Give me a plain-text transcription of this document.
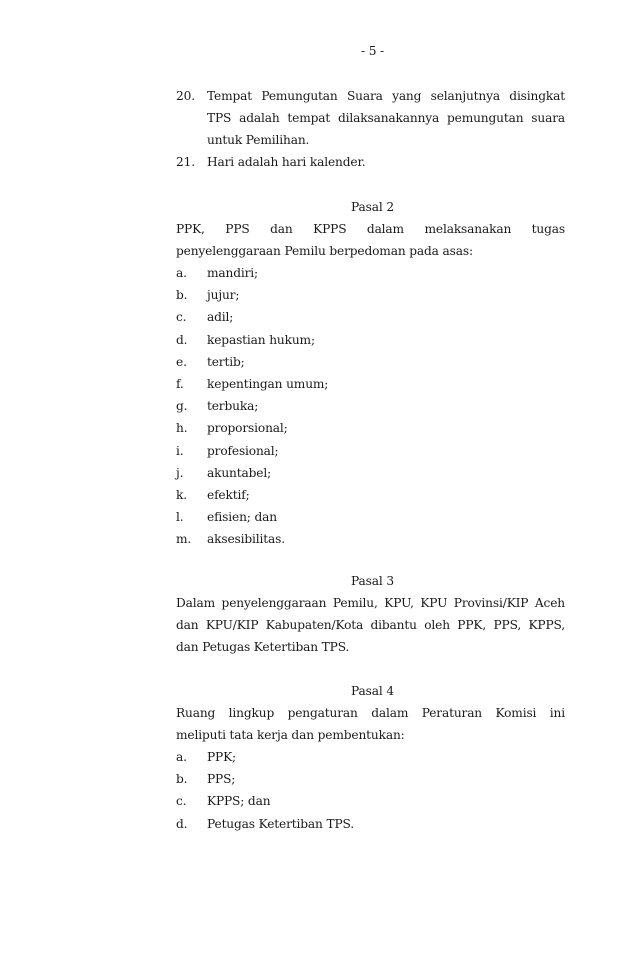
- 5 -
20. Tempat Pemungutan Suara yang selanjutnya disingkat
TPS adalah tempat dilaksanakannya pemungutan suara
untuk Pemilihan.
21. Hari adalah hari kalender.
Pasal 2
PPK, PPS dan KPPS dalam melaksanakan tugas
penyelenggaraan Pemilu berpedoman pada asas:
a.	mandiri;
b.	jujur;
c.	adil;
d.	kepastian hukum;
e.	tertib;
f.	kepentingan umum;
g.	terbuka;
h.	proporsional;
i.	profesional;
j.	akuntabel;
k.	efektif;
l.	efisien; dan
m.	aksesibilitas.
Pasal 3
Dalam penyelenggaraan Pemilu, KPU, KPU Provinsi/KIP Aceh
dan KPU/KIP Kabupaten/Kota dibantu oleh PPK, PPS, KPPS,
dan Petugas Ketertiban TPS.
Pasal 4
Ruang lingkup pengaturan dalam Peraturan Komisi ini
meliputi tata kerja dan pembentukan:
a.	PPK;
b.	PPS;
c.	KPPS; dan
d.	Petugas Ketertiban TPS.
